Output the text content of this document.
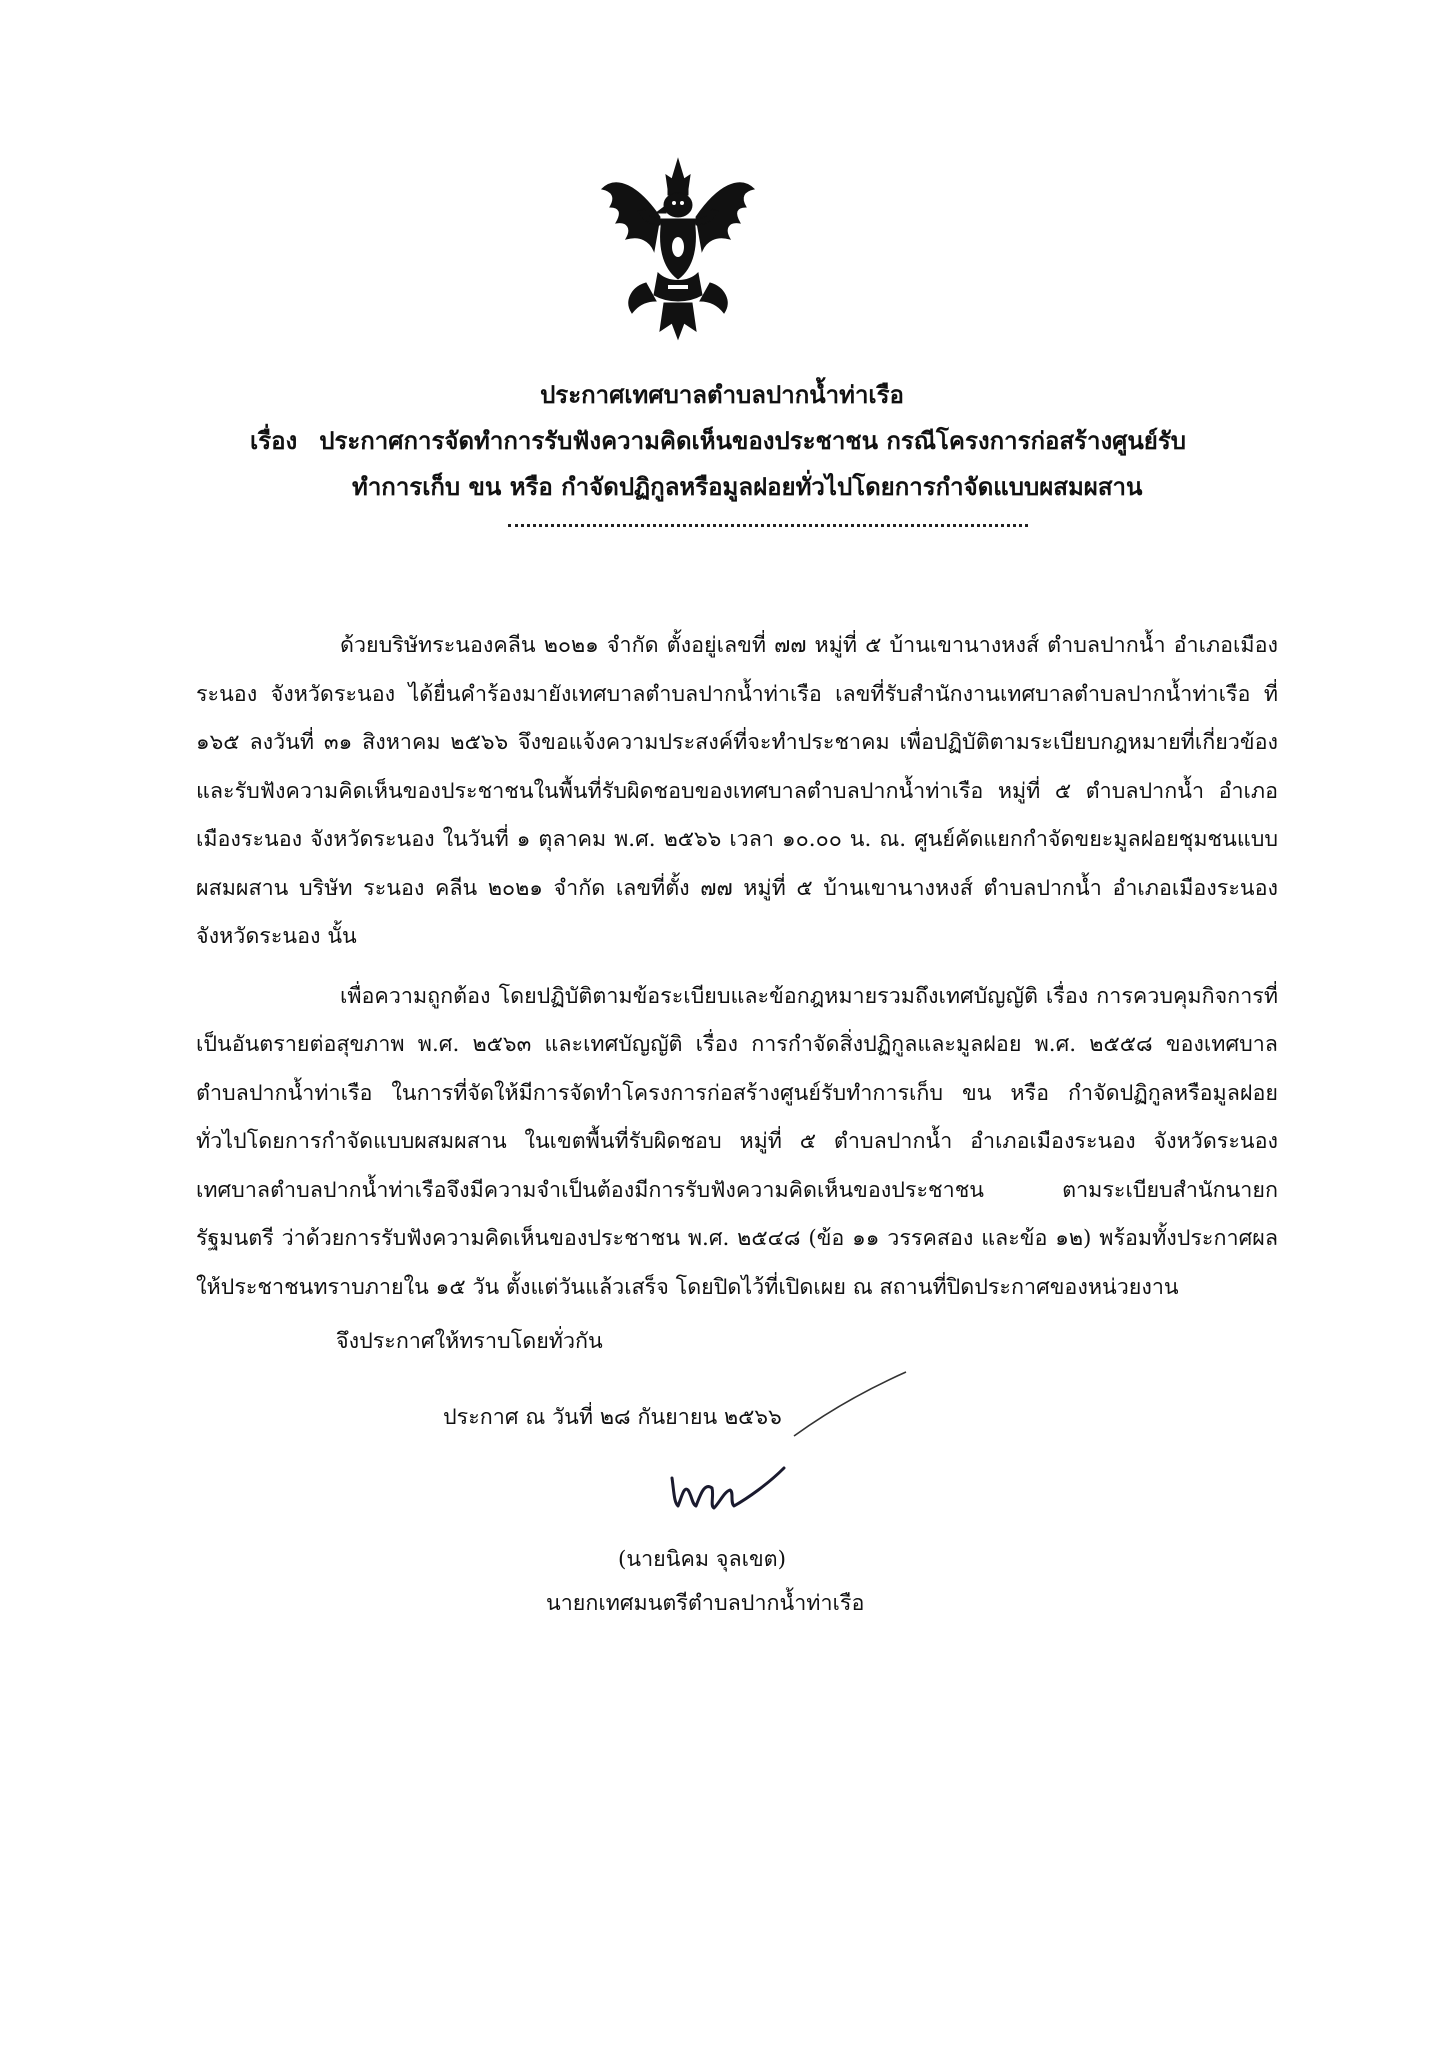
ประกาศเทศบาลตำบลปากน้ำท่าเรือ
เรื่อง ประกาศการจัดทำการรับฟังความคิดเห็นของประชาชน กรณีโครงการก่อสร้างศูนย์รับ
ทำการเก็บ ขน หรือ กำจัดปฏิกูลหรือมูลฝอยทั่วไปโดยการกำจัดแบบผสมผสาน

ด้วยบริษัทระนองคลีน ๒๐๒๑ จำกัด ตั้งอยู่เลขที่ ๗๗ หมู่ที่ ๕ บ้านเขานางหงส์ ตำบลปากน้ำ อำเภอเมืองระนอง จังหวัดระนอง ได้ยื่นคำร้องมายังเทศบาลตำบลปากน้ำท่าเรือ เลขที่รับสำนักงานเทศบาลตำบลปากน้ำท่าเรือ ที่ ๑๖๕ ลงวันที่ ๓๑ สิงหาคม ๒๕๖๖ จึงขอแจ้งความประสงค์ที่จะทำประชาคม เพื่อปฏิบัติตามระเบียบกฎหมายที่เกี่ยวข้อง และรับฟังความคิดเห็นของประชาชนในพื้นที่รับผิดชอบของเทศบาลตำบลปากน้ำท่าเรือ หมู่ที่ ๕ ตำบลปากน้ำ อำเภอเมืองระนอง จังหวัดระนอง ในวันที่ ๑ ตุลาคม พ.ศ. ๒๕๖๖ เวลา ๑๐.๐๐ น. ณ. ศูนย์คัดแยกกำจัดขยะมูลฝอยชุมชนแบบผสมผสาน บริษัท ระนอง คลีน ๒๐๒๑ จำกัด เลขที่ตั้ง ๗๗ หมู่ที่ ๕ บ้านเขานางหงส์ ตำบลปากน้ำ อำเภอเมืองระนอง จังหวัดระนอง นั้น

เพื่อความถูกต้อง โดยปฏิบัติตามข้อระเบียบและข้อกฎหมายรวมถึงเทศบัญญัติ เรื่อง การควบคุมกิจการที่เป็นอันตรายต่อสุขภาพ พ.ศ. ๒๕๖๓ และเทศบัญญัติ เรื่อง การกำจัดสิ่งปฏิกูลและมูลฝอย พ.ศ. ๒๕๕๘ ของเทศบาลตำบลปากน้ำท่าเรือ ในการที่จัดให้มีการจัดทำโครงการก่อสร้างศูนย์รับทำการเก็บ ขน หรือ กำจัดปฏิกูลหรือมูลฝอยทั่วไปโดยการกำจัดแบบผสมผสาน ในเขตพื้นที่รับผิดชอบ หมู่ที่ ๕ ตำบลปากน้ำ อำเภอเมืองระนอง จังหวัดระนอง เทศบาลตำบลปากน้ำท่าเรือจึงมีความจำเป็นต้องมีการรับฟังความคิดเห็นของประชาชน ตามระเบียบสำนักนายกรัฐมนตรี ว่าด้วยการรับฟังความคิดเห็นของประชาชน พ.ศ. ๒๕๔๘ (ข้อ ๑๑ วรรคสอง และข้อ ๑๒) พร้อมทั้งประกาศผลให้ประชาชนทราบภายใน ๑๕ วัน ตั้งแต่วันแล้วเสร็จ โดยปิดไว้ที่เปิดเผย ณ สถานที่ปิดประกาศของหน่วยงาน

จึงประกาศให้ทราบโดยทั่วกัน
ประกาศ ณ วันที่ ๒๘ กันยายน ๒๕๖๖
(นายนิคม จุลเขต)
นายกเทศมนตรีตำบลปากน้ำท่าเรือ
